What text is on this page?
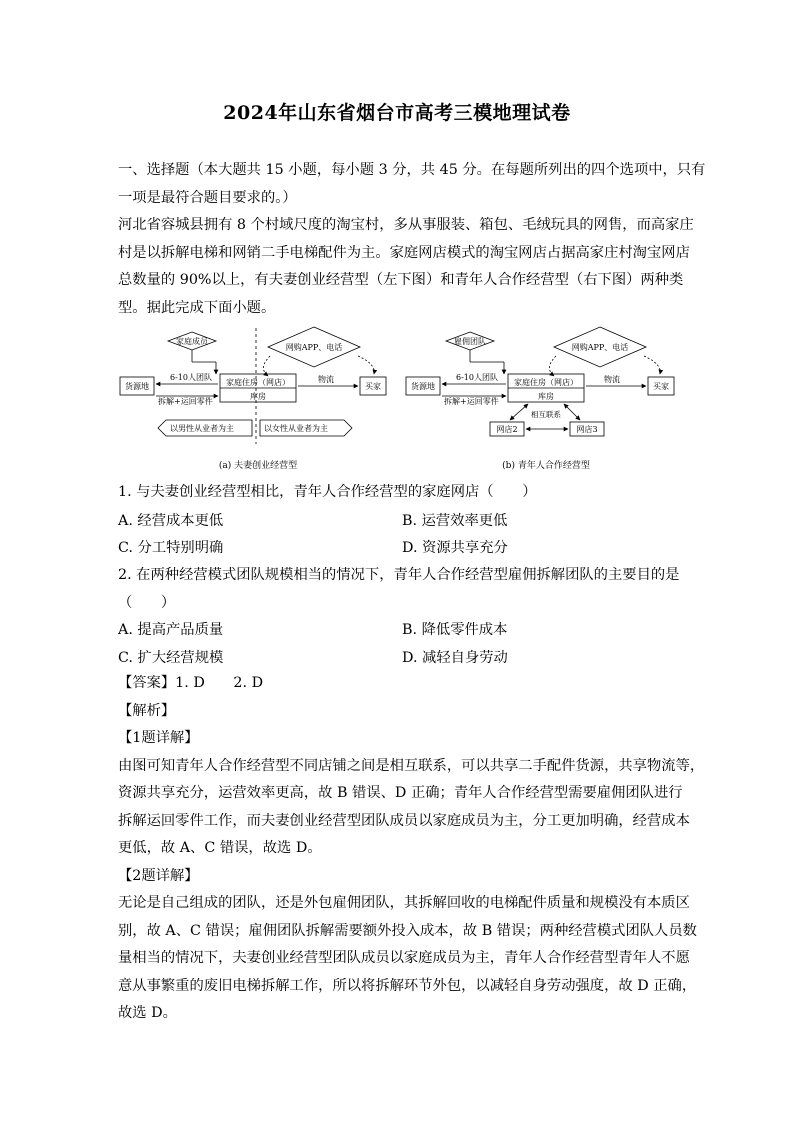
2024年山东省烟台市高考三模地理试卷
一、选择题（本大题共 15 小题，每小题 3 分，共 45 分。在每题所列出的四个选项中，只有
一项是最符合题目要求的。）
河北省容城县拥有 8 个村域尺度的淘宝村，多从事服装、箱包、毛绒玩具的网售，而高家庄
村是以拆解电梯和网销二手电梯配件为主。家庭网店模式的淘宝网店占据高家庄村淘宝网店
总数量的 90%以上，有夫妻创业经营型（左下图）和青年人合作经营型（右下图）两种类
型。据此完成下面小题。
家庭成员
货源地
6-10人团队
拆解+运回零件
家庭住房（网店）
库房
网购APP、电话
物流
买家
以男性从业者为主	以女性从业者为主
(a) 夫妻创业经营型
雇佣团队
货源地
6-10人团队
拆解+运回零件
家庭住房（网店）
库房
网购APP、电话
物流
买家
相互联系
网店2	网店3
(b) 青年人合作经营型
1. 与夫妻创业经营型相比，青年人合作经营型的家庭网店（　　）
A. 经营成本更低	B. 运营效率更低
C. 分工特别明确	D. 资源共享充分
2. 在两种经营模式团队规模相当的情况下，青年人合作经营型雇佣拆解团队的主要目的是
（　　）
A. 提高产品质量	B. 降低零件成本
C. 扩大经营规模	D. 减轻自身劳动
【答案】1. D　　2. D
【解析】
【1题详解】
由图可知青年人合作经营型不同店铺之间是相互联系，可以共享二手配件货源，共享物流等，
资源共享充分，运营效率更高，故 B 错误、D 正确；青年人合作经营型需要雇佣团队进行
拆解运回零件工作，而夫妻创业经营型团队成员以家庭成员为主，分工更加明确，经营成本
更低，故 A、C 错误，故选 D。
【2题详解】
无论是自己组成的团队，还是外包雇佣团队，其拆解回收的电梯配件质量和规模没有本质区
别，故 A、C 错误；雇佣团队拆解需要额外投入成本，故 B 错误；两种经营模式团队人员数
量相当的情况下，夫妻创业经营型团队成员以家庭成员为主，青年人合作经营型青年人不愿
意从事繁重的废旧电梯拆解工作，所以将拆解环节外包，以减轻自身劳动强度，故 D 正确，
故选 D。
